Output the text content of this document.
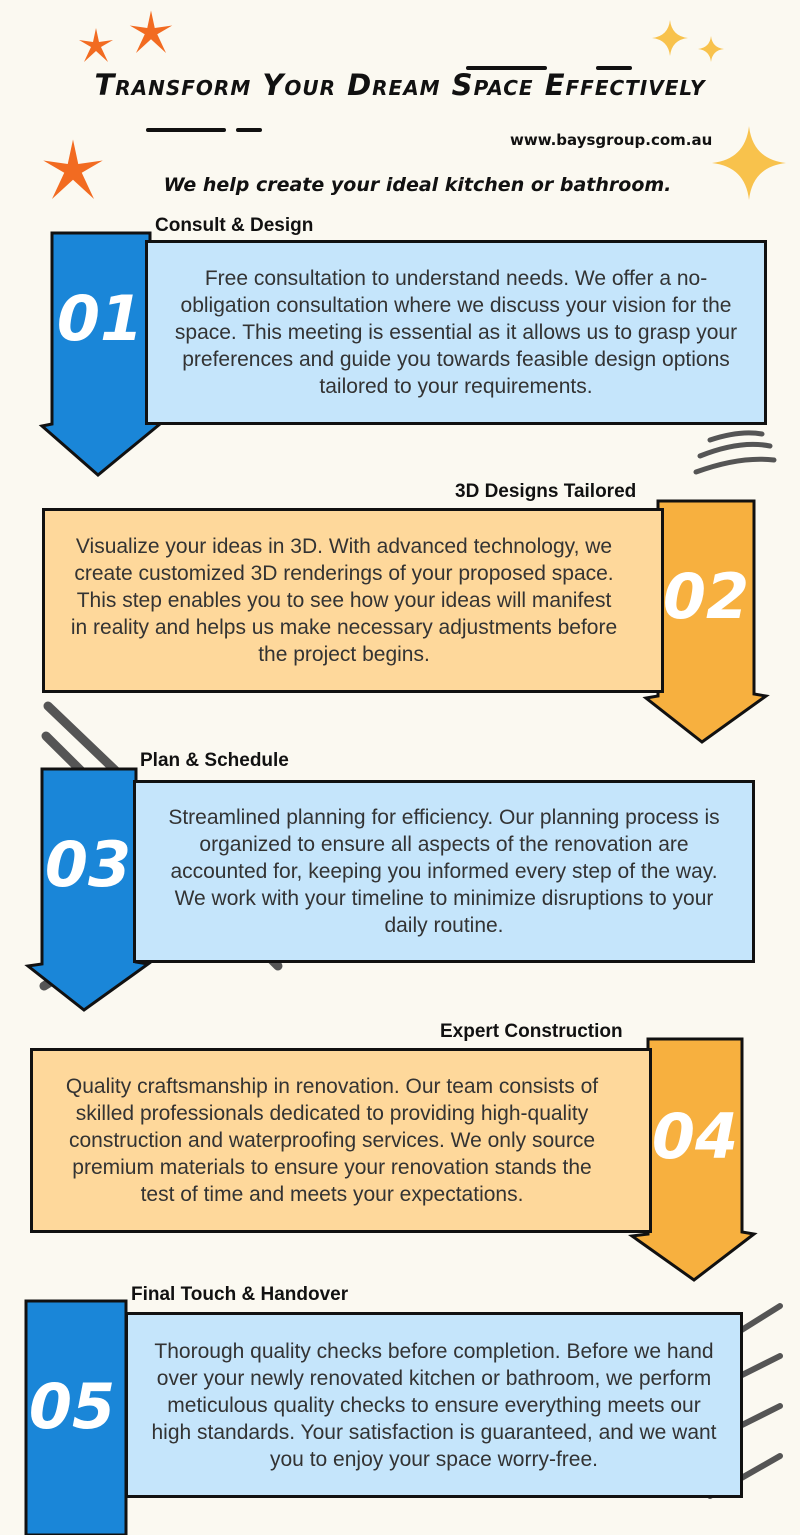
Transform Your Dream Space Effectively
www.baysgroup.com.au
We help create your ideal kitchen or bathroom.
Consult & Design
Free consultation to understand needs. We offer a no-obligation consultation where we discuss your vision for the space. This meeting is essential as it allows us to grasp your preferences and guide you towards feasible design options tailored to your requirements.
01
3D Designs Tailored
Visualize your ideas in 3D. With advanced technology, we create customized 3D renderings of your proposed space. This step enables you to see how your ideas will manifest in reality and helps us make necessary adjustments before the project begins.
02
Plan & Schedule
Streamlined planning for efficiency. Our planning process is organized to ensure all aspects of the renovation are accounted for, keeping you informed every step of the way. We work with your timeline to minimize disruptions to your daily routine.
03
Expert Construction
Quality craftsmanship in renovation. Our team consists of skilled professionals dedicated to providing high-quality construction and waterproofing services. We only source premium materials to ensure your renovation stands the test of time and meets your expectations.
04
Final Touch & Handover
Thorough quality checks before completion. Before we hand over your newly renovated kitchen or bathroom, we perform meticulous quality checks to ensure everything meets our high standards. Your satisfaction is guaranteed, and we want you to enjoy your space worry-free.
05
